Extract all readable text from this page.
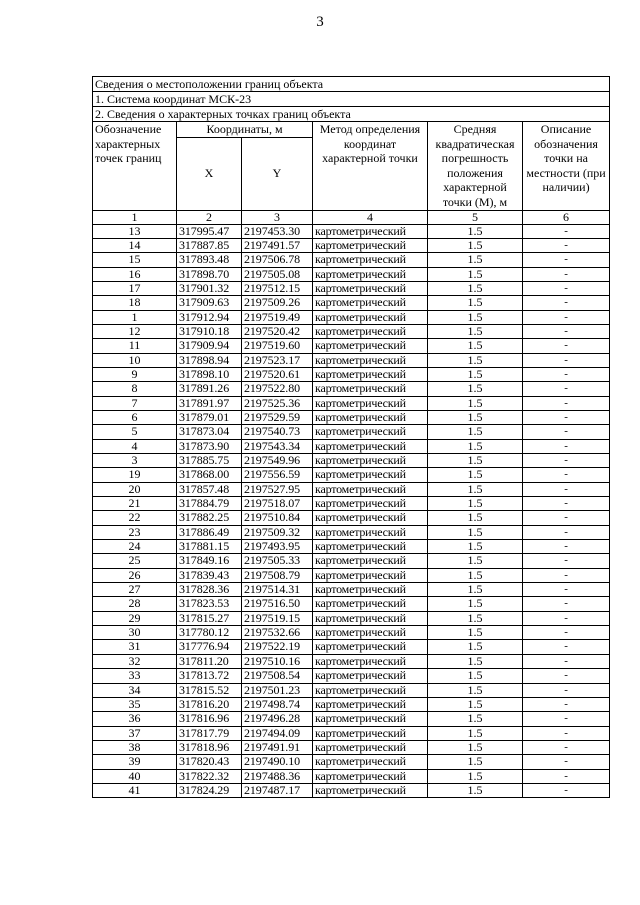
3
Сведения о местоположении границ объекта					
1. Система координат МСК-23					
2. Сведения о характерных точках границ объекта					
Обозначение характерных точек границ	Координаты, м		Метод определения координат характерной точки	Средняя квадратическая погрешность положения характерной точки (М), м	Описание обозначения точки на местности (при наличии)
	X	Y			
1	2	3	4	5	6
13	317995.47	2197453.30	картометрический	1.5	-
14	317887.85	2197491.57	картометрический	1.5	-
15	317893.48	2197506.78	картометрический	1.5	-
16	317898.70	2197505.08	картометрический	1.5	-
17	317901.32	2197512.15	картометрический	1.5	-
18	317909.63	2197509.26	картометрический	1.5	-
1	317912.94	2197519.49	картометрический	1.5	-
12	317910.18	2197520.42	картометрический	1.5	-
11	317909.94	2197519.60	картометрический	1.5	-
10	317898.94	2197523.17	картометрический	1.5	-
9	317898.10	2197520.61	картометрический	1.5	-
8	317891.26	2197522.80	картометрический	1.5	-
7	317891.97	2197525.36	картометрический	1.5	-
6	317879.01	2197529.59	картометрический	1.5	-
5	317873.04	2197540.73	картометрический	1.5	-
4	317873.90	2197543.34	картометрический	1.5	-
3	317885.75	2197549.96	картометрический	1.5	-
19	317868.00	2197556.59	картометрический	1.5	-
20	317857.48	2197527.95	картометрический	1.5	-
21	317884.79	2197518.07	картометрический	1.5	-
22	317882.25	2197510.84	картометрический	1.5	-
23	317886.49	2197509.32	картометрический	1.5	-
24	317881.15	2197493.95	картометрический	1.5	-
25	317849.16	2197505.33	картометрический	1.5	-
26	317839.43	2197508.79	картометрический	1.5	-
27	317828.36	2197514.31	картометрический	1.5	-
28	317823.53	2197516.50	картометрический	1.5	-
29	317815.27	2197519.15	картометрический	1.5	-
30	317780.12	2197532.66	картометрический	1.5	-
31	317776.94	2197522.19	картометрический	1.5	-
32	317811.20	2197510.16	картометрический	1.5	-
33	317813.72	2197508.54	картометрический	1.5	-
34	317815.52	2197501.23	картометрический	1.5	-
35	317816.20	2197498.74	картометрический	1.5	-
36	317816.96	2197496.28	картометрический	1.5	-
37	317817.79	2197494.09	картометрический	1.5	-
38	317818.96	2197491.91	картометрический	1.5	-
39	317820.43	2197490.10	картометрический	1.5	-
40	317822.32	2197488.36	картометрический	1.5	-
41	317824.29	2197487.17	картометрический	1.5	-
